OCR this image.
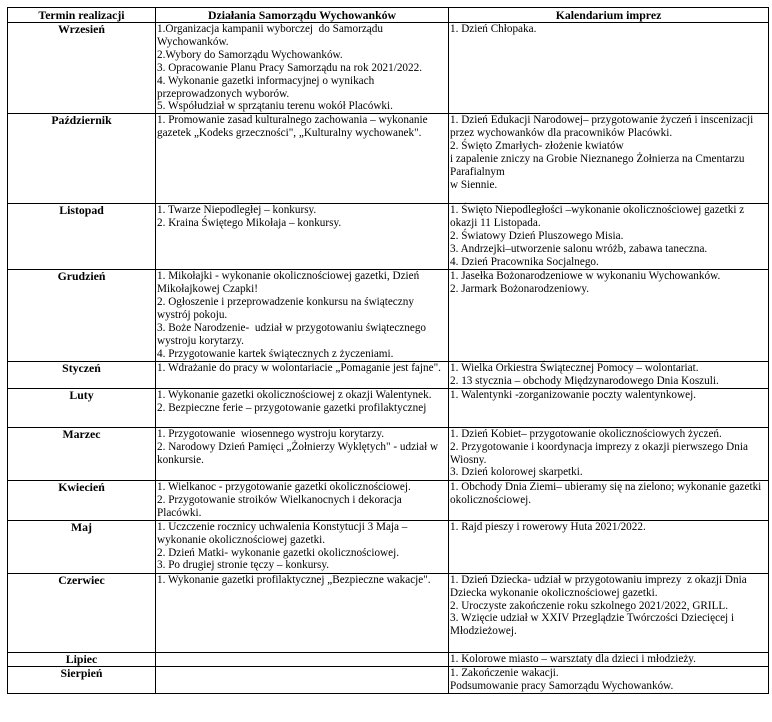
Termin realizacji	Działania Samorządu Wychowanków	Kalendarium imprez
Wrzesień	1.Organizacja kampanii wyborczej  do Samorządu Wychowanków.
2.Wybory do Samorządu Wychowanków.
3. Opracowanie Planu Pracy Samorządu na rok 2021/2022.
4. Wykonanie gazetki informacyjnej o wynikach przeprowadzonych wyborów.
5. Współudział w sprzątaniu terenu wokół Placówki.	1. Dzień Chłopaka.

Październik	1. Promowanie zasad kulturalnego zachowania – wykonanie gazetek „Kodeks grzeczności", „Kulturalny wychowanek".	1. Dzień Edukacji Narodowej– przygotowanie życzeń i inscenizacji przez wychowanków dla pracowników Placówki.
2. Święto Zmarłych- złożenie kwiatów
i zapalenie zniczy na Grobie Nieznanego Żołnierza na Cmentarzu Parafialnym
w Siennie.

Listopad	1. Twarze Niepodległej – konkursy.
2. Kraina Świętego Mikołaja – konkursy.	1. Święto Niepodległości –wykonanie okolicznościowej gazetki z okazji 11 Listopada.
2. Światowy Dzień Pluszowego Misia.
3. Andrzejki–utworzenie salonu wróżb, zabawa taneczna.
4. Dzień Pracownika Socjalnego.

Grudzień	1. Mikołajki - wykonanie okolicznościowej gazetki, Dzień Mikołajkowej Czapki!
2. Ogłoszenie i przeprowadzenie konkursu na świąteczny wystrój pokoju.
3. Boże Narodzenie-  udział w przygotowaniu świątecznego wystroju korytarzy.
4. Przygotowanie kartek świątecznych z życzeniami.	1. Jasełka Bożonarodzeniowe w wykonaniu Wychowanków.
2. Jarmark Bożonarodzeniowy.

Styczeń	1. Wdrażanie do pracy w wolontariacie „Pomaganie jest fajne".	1. Wielka Orkiestra Świątecznej Pomocy – wolontariat.
2. 13 stycznia – obchody Międzynarodowego Dnia Koszuli.

Luty	1. Wykonanie gazetki okolicznościowej z okazji Walentynek.
2. Bezpieczne ferie – przygotowanie gazetki profilaktycznej	1. Walentynki -zorganizowanie poczty walentynkowej.

Marzec	1. Przygotowanie  wiosennego wystroju korytarzy.
2. Narodowy Dzień Pamięci „Żołnierzy Wyklętych" - udział w konkursie.	1. Dzień Kobiet– przygotowanie okolicznościowych życzeń.
2. Przygotowanie i koordynacja imprezy z okazji pierwszego Dnia Wiosny.
3. Dzień kolorowej skarpetki.

Kwiecień	1. Wielkanoc - przygotowanie gazetki okolicznościowej.
2. Przygotowanie stroików Wielkanocnych i dekoracja Placówki.	1. Obchody Dnia Ziemi– ubieramy się na zielono; wykonanie gazetki okolicznościowej.

Maj	1. Uczczenie rocznicy uchwalenia Konstytucji 3 Maja – wykonanie okolicznościowej gazetki.
2. Dzień Matki- wykonanie gazetki okolicznościowej.
3. Po drugiej stronie tęczy – konkursy.	1. Rajd pieszy i rowerowy Huta 2021/2022.

Czerwiec	1. Wykonanie gazetki profilaktycznej „Bezpieczne wakacje".	1. Dzień Dziecka- udział w przygotowaniu imprezy  z okazji Dnia Dziecka wykonanie okolicznościowej gazetki.
2. Uroczyste zakończenie roku szkolnego 2021/2022, GRILL.
3. Wzięcie udział w XXIV Przeglądzie Twórczości Dziecięcej i Młodzieżowej.

Lipiec		1. Kolorowe miasto – warsztaty dla dzieci i młodzieży.

Sierpień		1. Zakończenie wakacji.
Podsumowanie pracy Samorządu Wychowanków.
